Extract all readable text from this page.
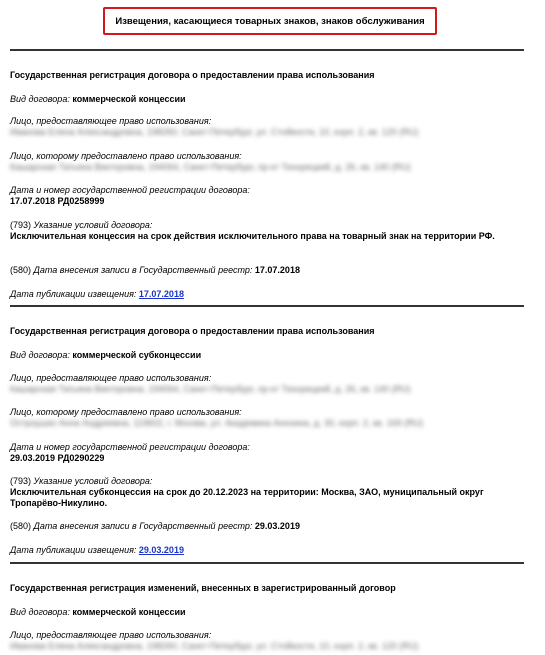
Извещения, касающиеся товарных знаков, знаков обслуживания
Государственная регистрация договора о предоставлении права использования
Вид договора: коммерческой концессии
Лицо, предоставляющее право использования:
Иванова Елена Александровна, 198260, Санкт-Петербург, ул. Стойкости, 10, корп. 2, кв. 120 (RU)
Лицо, которому предоставлено право использования:
Кашарская Татьяна Викторовна, 194064, Санкт-Петербург, пр-кт Тихорецкий, д. 26, кв. 140 (RU)
Дата и номер государственной регистрации договора:
17.07.2018 РД0258999
(793) Указание условий договора:
Исключительная концессия на срок действия исключительного права на товарный знак на территории РФ.
(580) Дата внесения записи в Государственный реестр: 17.07.2018
Дата публикации извещения: 17.07.2018
Государственная регистрация договора о предоставлении права использования
Вид договора: коммерческой субконцессии
Лицо, предоставляющее право использования:
Кашарская Татьяна Викторовна, 194064, Санкт-Петербург, пр-кт Тихорецкий, д. 26, кв. 140 (RU)
Лицо, которому предоставлено право использования:
Остроушко Анна Андреевна, 119602, г. Москва, ул. Академика Анохина, д. 30, корп. 2, кв. 169 (RU)
Дата и номер государственной регистрации договора:
29.03.2019 РД0290229
(793) Указание условий договора:
Исключительная субконцессия на срок до 20.12.2023 на территории: Москва, ЗАО, муниципальный округ Тропарёво-Никулино.
(580) Дата внесения записи в Государственный реестр: 29.03.2019
Дата публикации извещения: 29.03.2019
Государственная регистрация изменений, внесенных в зарегистрированный договор
Вид договора: коммерческой концессии
Лицо, предоставляющее право использования:
Иванова Елена Александровна, 198260, Санкт-Петербург, ул. Стойкости, 10, корп. 2, кв. 120 (RU)
